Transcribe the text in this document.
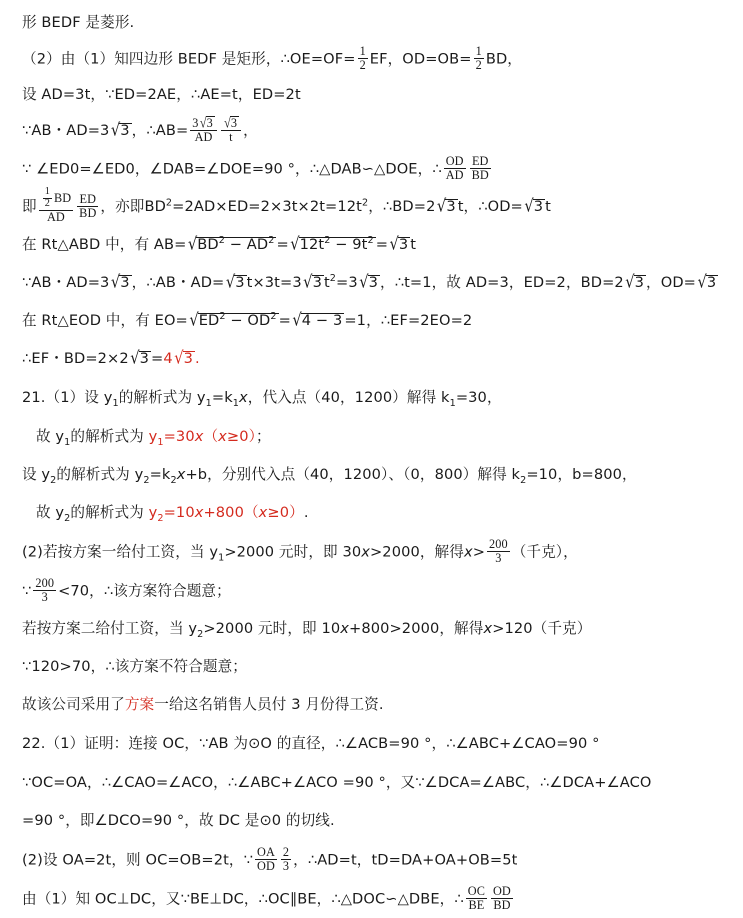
形 BEDF 是菱形.
（2）由（1）知四边形 BEDF 是矩形，∴OE=OF= $\frac{1}{2}$ EF，$OD=OB= \frac{1}{2}$ BD，
设 AD=3t，∵ED=2AE，∴AE=t，ED=2t
∵AB・AD=3√3 ，∴AB= $\frac{3√3}{AD} \frac{√3}{t}$ ，
∵ ∠ED0=∠ED0，∠DAB=∠DOE=90 °，∴△DAB∽△DOE，∴ $\frac{OD}{AD} \frac{ED}{BD}$
即 $\frac{\frac{1}{2} BD}{AD} \frac{ED}{BD}$ ，亦即$BD^2=2AD\times ED=2\times 3t\times 2t=12t^2$，∴BD=2√3 t，∴OD=√3 t
在 Rt△ABD 中，有 $AB=√BD^2 - AD^2 =√12t^2 - 9t^2 =√3$ t
∵AB・AD=3√3 ，∴AB・AD=√3 t×3t=3√3 $t^2=3√3$ ，∴t=1，故 AD=3，ED=2，BD=2√3 ，OD=√3
在 Rt△EOD 中，有 $EO=√ED^2 - OD^2 =√4 - 3 =1$，∴EF=2EO=2
∴EF・BD=2×2√3 =4√3 .
21.（1）设 $y_1$的解析式为 $y_1=k_1x$，代入点（40，1200）解得 $k_1=30$，
故 $y_1$的解析式为 $y_1=30x(x\ge 0)$；
设 $y_2$的解析式为 $y_2=k_2x+b$，分别代入点（40，1200）、（0，800）解得 $k_2=10$，b=800，
故 $y_2$的解析式为 $y_2=10x+800(x\ge 0)$.
(2)若按方案一给付工资，当 $y_1>2000$ 元时，即 30x>2000，解得$x> \frac{200}{3}$ （千克），
∵ $\frac{200}{3} <70$，∴该方案符合题意；
若按方案二给付工资，当 $y_2>2000$ 元时，即 10x+800>2000，解得x>120（千克）
∵120>70，∴该方案不符合题意；
故该公司采用了方案一给这名销售人员付 3 月份得工资.
22.（1）证明：连接 OC，∵AB 为⊙O 的直径，∴∠ACB=90 °，∴∠ABC+∠CAO=90 °
∵OC=OA，∴∠CAO=∠ACO，∴∠ABC+∠ACO =90 °，又∵∠DCA=∠ABC，∴∠DCA+∠ACO
=90 °，即∠DCO=90 °，故 DC 是⊙0 的切线.
(2)设 OA=2t，则 OC=OB=2t，∵ $\frac{OA}{OD} \frac{2}{3}$ ，∴AD=t，tD=DA+OA+OB=5t
由（1）知 OC⊥DC，又∵BE⊥DC，∴OC∥BE，∴△DOC∽△DBE，∴ $\frac{OC}{BE} \frac{OD}{BD}$
